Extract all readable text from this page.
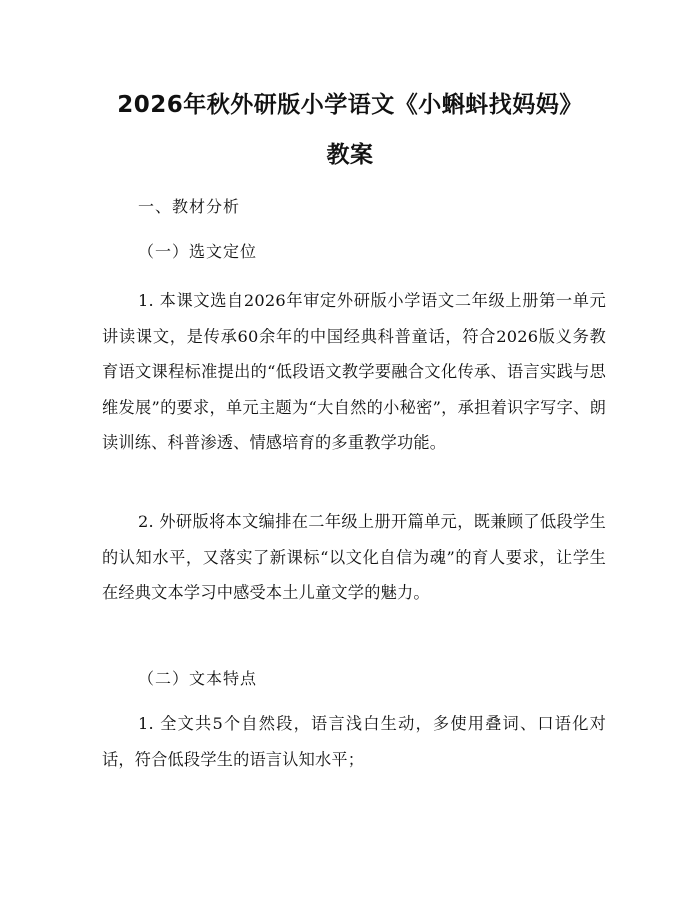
2026年秋外研版小学语文《小蝌蚪找妈妈》
教案

一、教材分析

（一）选文定位

1. 本课文选自2026年审定外研版小学语文二年级上册第一单元讲读课文，是传承60余年的中国经典科普童话，符合2026版义务教育语文课程标准提出的“低段语文教学要融合文化传承、语言实践与思维发展”的要求，单元主题为“大自然的小秘密”，承担着识字写字、朗读训练、科普渗透、情感培育的多重教学功能。

2. 外研版将本文编排在二年级上册开篇单元，既兼顾了低段学生的认知水平，又落实了新课标“以文化自信为魂”的育人要求，让学生在经典文本学习中感受本土儿童文学的魅力。

（二）文本特点

1. 全文共5个自然段，语言浅白生动，多使用叠词、口语化对话，符合低段学生的语言认知水平；
